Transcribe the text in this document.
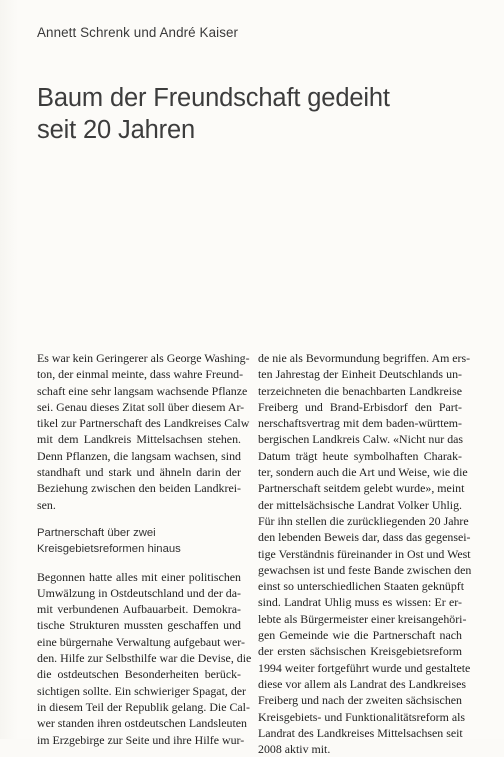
Annett Schrenk und André Kaiser
Baum der Freundschaft gedeiht
seit 20 Jahren
Es war kein Geringerer als George Washing-
ton, der einmal meinte, dass wahre Freund-
schaft eine sehr langsam wachsende Pflanze
sei. Genau dieses Zitat soll über diesem Ar-
tikel zur Partnerschaft des Landkreises Calw
mit dem Landkreis Mittelsachsen stehen.
Denn Pflanzen, die langsam wachsen, sind
standhaft und stark und ähneln darin der
Beziehung zwischen den beiden Landkrei-
sen.
Partnerschaft über zwei
Kreisgebietsreformen hinaus
Begonnen hatte alles mit einer politischen
Umwälzung in Ostdeutschland und der da-
mit verbundenen Aufbauarbeit. Demokra-
tische Strukturen mussten geschaffen und
eine bürgernahe Verwaltung aufgebaut wer-
den. Hilfe zur Selbsthilfe war die Devise, die
die ostdeutschen Besonderheiten berück-
sichtigen sollte. Ein schwieriger Spagat, der
in diesem Teil der Republik gelang. Die Cal-
wer standen ihren ostdeutschen Landsleuten
im Erzgebirge zur Seite und ihre Hilfe wur-
de nie als Bevormundung begriffen. Am ers-
ten Jahrestag der Einheit Deutschlands un-
terzeichneten die benachbarten Landkreise
Freiberg und Brand-Erbisdorf den Part-
nerschaftsvertrag mit dem baden-württem-
bergischen Landkreis Calw. «Nicht nur das
Datum trägt heute symbolhaften Charak-
ter, sondern auch die Art und Weise, wie die
Partnerschaft seitdem gelebt wurde», meint
der mittelsächsische Landrat Volker Uhlig.
Für ihn stellen die zurückliegenden 20 Jahre
den lebenden Beweis dar, dass das gegensei-
tige Verständnis füreinander in Ost und West
gewachsen ist und feste Bande zwischen den
einst so unterschiedlichen Staaten geknüpft
sind. Landrat Uhlig muss es wissen: Er er-
lebte als Bürgermeister einer kreisangehöri-
gen Gemeinde wie die Partnerschaft nach
der ersten sächsischen Kreisgebietsreform
1994 weiter fortgeführt wurde und gestaltete
diese vor allem als Landrat des Landkreises
Freiberg und nach der zweiten sächsischen
Kreisgebiets- und Funktionalitätsreform als
Landrat des Landkreises Mittelsachsen seit
2008 aktiv mit.
